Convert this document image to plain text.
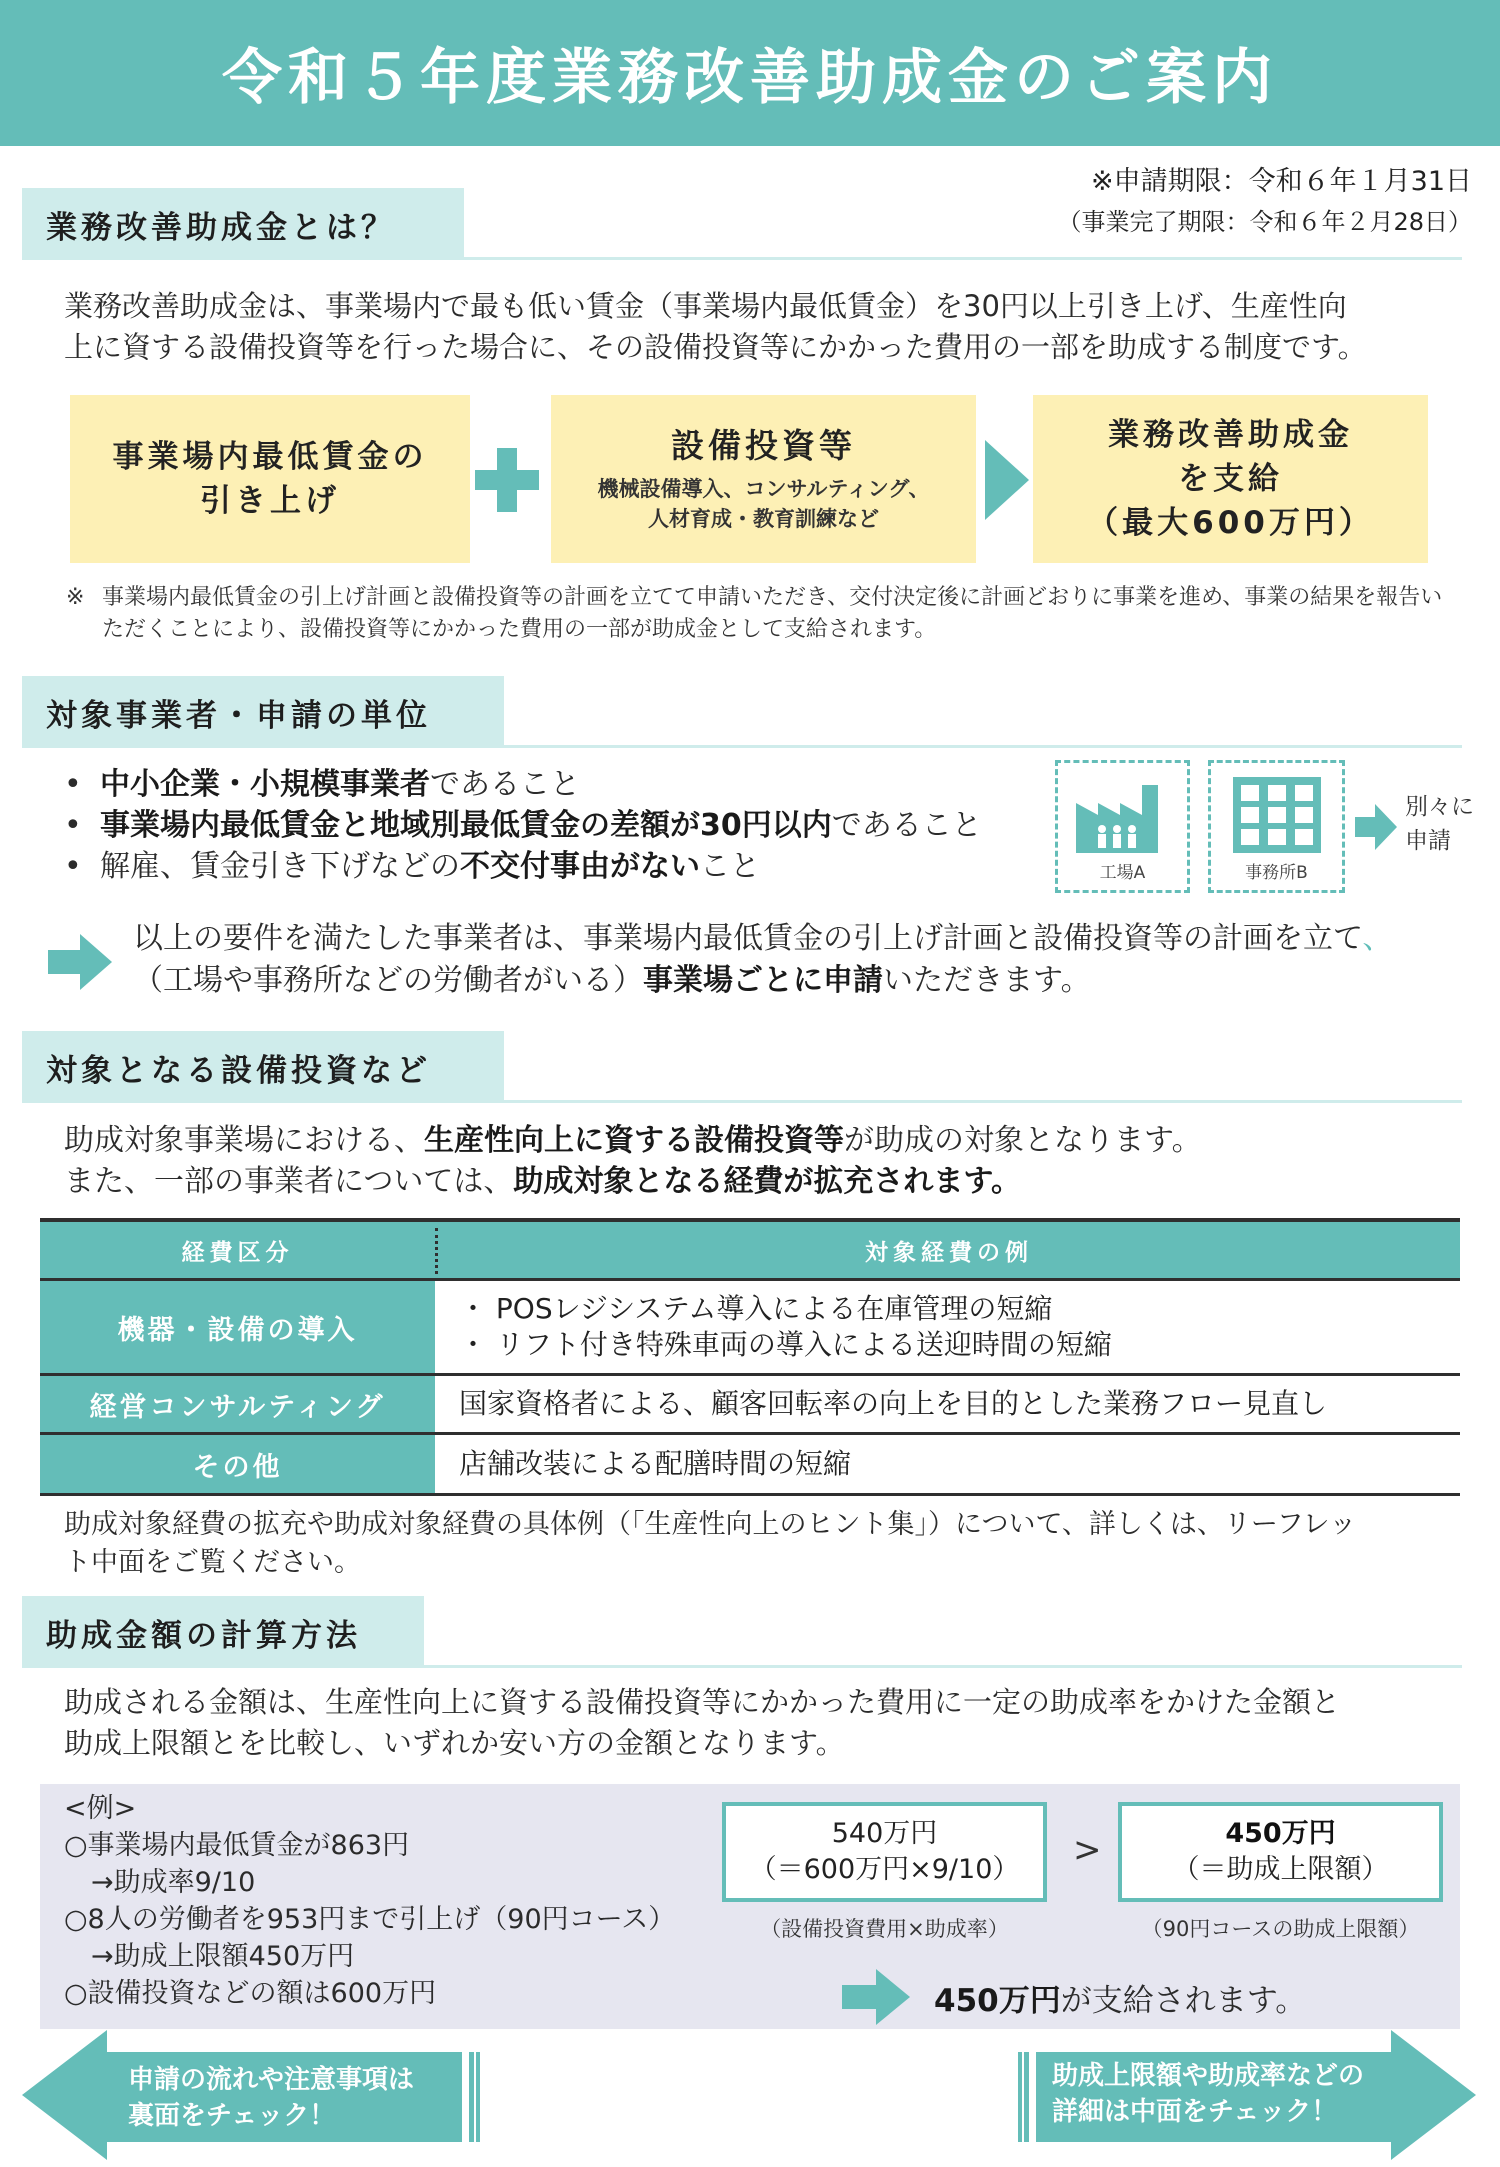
令和５年度業務改善助成金のご案内
※申請期限：令和６年１月31日
（事業完了期限：令和６年２月28日）
業務改善助成金とは？
業務改善助成金は、事業場内で最も低い賃金（事業場内最低賃金）を30円以上引き上げ、生産性向
上に資する設備投資等を行った場合に、その設備投資等にかかった費用の一部を助成する制度です。
事業場内最低賃金の
引き上げ
設備投資等
機械設備導入、コンサルティング、
人材育成・教育訓練など
業務改善助成金
を支給
（最大600万円）
※ 事業場内最低賃金の引上げ計画と設備投資等の計画を立てて申請いただき、交付決定後に計画どおりに事業を進め、事業の結果を報告いただくことにより、設備投資等にかかった費用の一部が助成金として支給されます。
対象事業者・申請の単位
• 中小企業・小規模事業者であること
• 事業場内最低賃金と地域別最低賃金の差額が30円以内であること
• 解雇、賃金引き下げなどの不交付事由がないこと	工場A	事務所B
別々に
申請
以上の要件を満たした事業者は、事業場内最低賃金の引上げ計画と設備投資等の計画を立て、
（工場や事務所などの労働者がいる）事業場ごとに申請いただきます。
対象となる設備投資など
助成対象事業場における、生産性向上に資する設備投資等が助成の対象となります。
また、一部の事業者については、助成対象となる経費が拡充されます。
経費区分	対象経費の例
機器・設備の導入
・ POSレジシステム導入による在庫管理の短縮
・ リフト付き特殊車両の導入による送迎時間の短縮
経営コンサルティング	国家資格者による、顧客回転率の向上を目的とした業務フロー見直し
その他	店舗改装による配膳時間の短縮
助成対象経費の拡充や助成対象経費の具体例（「生産性向上のヒント集」）について、詳しくは、リーフレッ
ト中面をご覧ください。
助成金額の計算方法
助成される金額は、生産性向上に資する設備投資等にかかった費用に一定の助成率をかけた金額と
助成上限額とを比較し、いずれか安い方の金額となります。
<例>
○事業場内最低賃金が863円
　→助成率9/10
○8人の労働者を953円まで引上げ（90円コース）
　→助成上限額450万円
○設備投資などの額は600万円
540万円
（＝600万円×9/10）
（設備投資費用×助成率）
>	450万円
（＝助成上限額）
（90円コースの助成上限額）
450万円が支給されます。
申請の流れや注意事項は
裏面をチェック！
助成上限額や助成率などの
詳細は中面をチェック！
